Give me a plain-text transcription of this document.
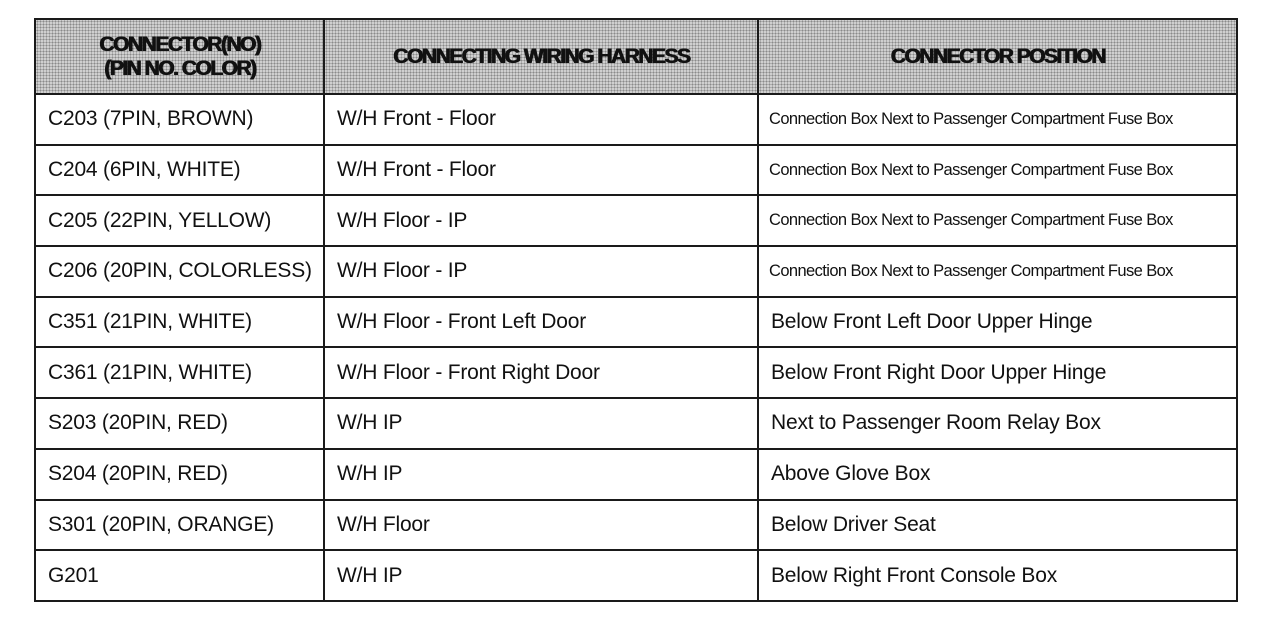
CONNECTOR(NO)
(PIN NO. COLOR)	CONNECTING WIRING HARNESS	CONNECTOR POSITION
C203 (7PIN, BROWN)	W/H Front - Floor	Connection Box Next to Passenger Compartment Fuse Box
C204 (6PIN, WHITE)	W/H Front - Floor	Connection Box Next to Passenger Compartment Fuse Box
C205 (22PIN, YELLOW)	W/H Floor - IP	Connection Box Next to Passenger Compartment Fuse Box
C206 (20PIN, COLORLESS)	W/H Floor - IP	Connection Box Next to Passenger Compartment Fuse Box
C351 (21PIN, WHITE)	W/H Floor - Front Left Door	Below Front Left Door Upper Hinge
C361 (21PIN, WHITE)	W/H Floor - Front Right Door	Below Front Right Door Upper Hinge
S203 (20PIN, RED)	W/H IP	Next to Passenger Room Relay Box
S204 (20PIN, RED)	W/H IP	Above Glove Box
S301 (20PIN, ORANGE)	W/H Floor	Below Driver Seat
G201	W/H IP	Below Right Front Console Box
